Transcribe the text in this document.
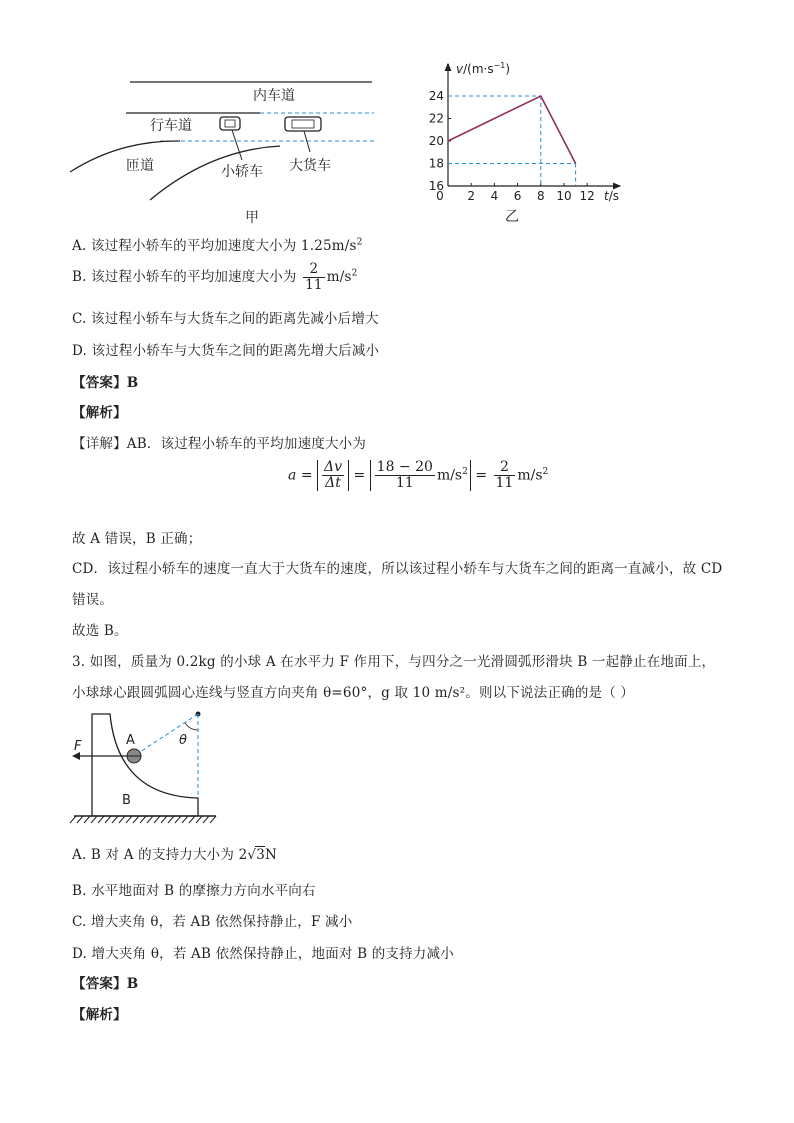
内车道
行车道
匝道	小轿车 大货车
甲
$v/(m\cdot s^{-1})$
t/s
24
22
20
18
16
0 2 4 6 8 10 12
乙
A. 该过程小轿车的平均加速度大小为 $1.25m/s^2$
B. 该过程小轿车的平均加速度大小为 $\frac{2}{11} m/s^2$
C. 该过程小轿车与大货车之间的距离先减小后增大
D. 该过程小轿车与大货车之间的距离先增大后减小
【答案】B
【解析】
【详解】AB．该过程小轿车的平均加速度大小为
$a = \frac{\Delta v}{\Delta t} = \frac{18 - 20}{11} m/s^2 = \frac{2}{11} m/s^2$
故 A 错误，B 正确；
CD．该过程小轿车的速度一直大于大货车的速度，所以该过程小轿车与大货车之间的距离一直减小，故 CD
错误。
故选 B。
3. 如图，质量为 0.2kg 的小球 A 在水平力 F 作用下，与四分之一光滑圆弧形滑块 B 一起静止在地面上，
小球球心跟圆弧圆心连线与竖直方向夹角 θ=60°，g 取 10 m/s²。则以下说法正确的是（ ）
θ
A
F
B
A. B 对 A 的支持力大小为 2√3N
B. 水平地面对 B 的摩擦力方向水平向右
C. 增大夹角 θ，若 AB 依然保持静止，F 减小
D. 增大夹角 θ，若 AB 依然保持静止，地面对 B 的支持力减小
【答案】B
【解析】
